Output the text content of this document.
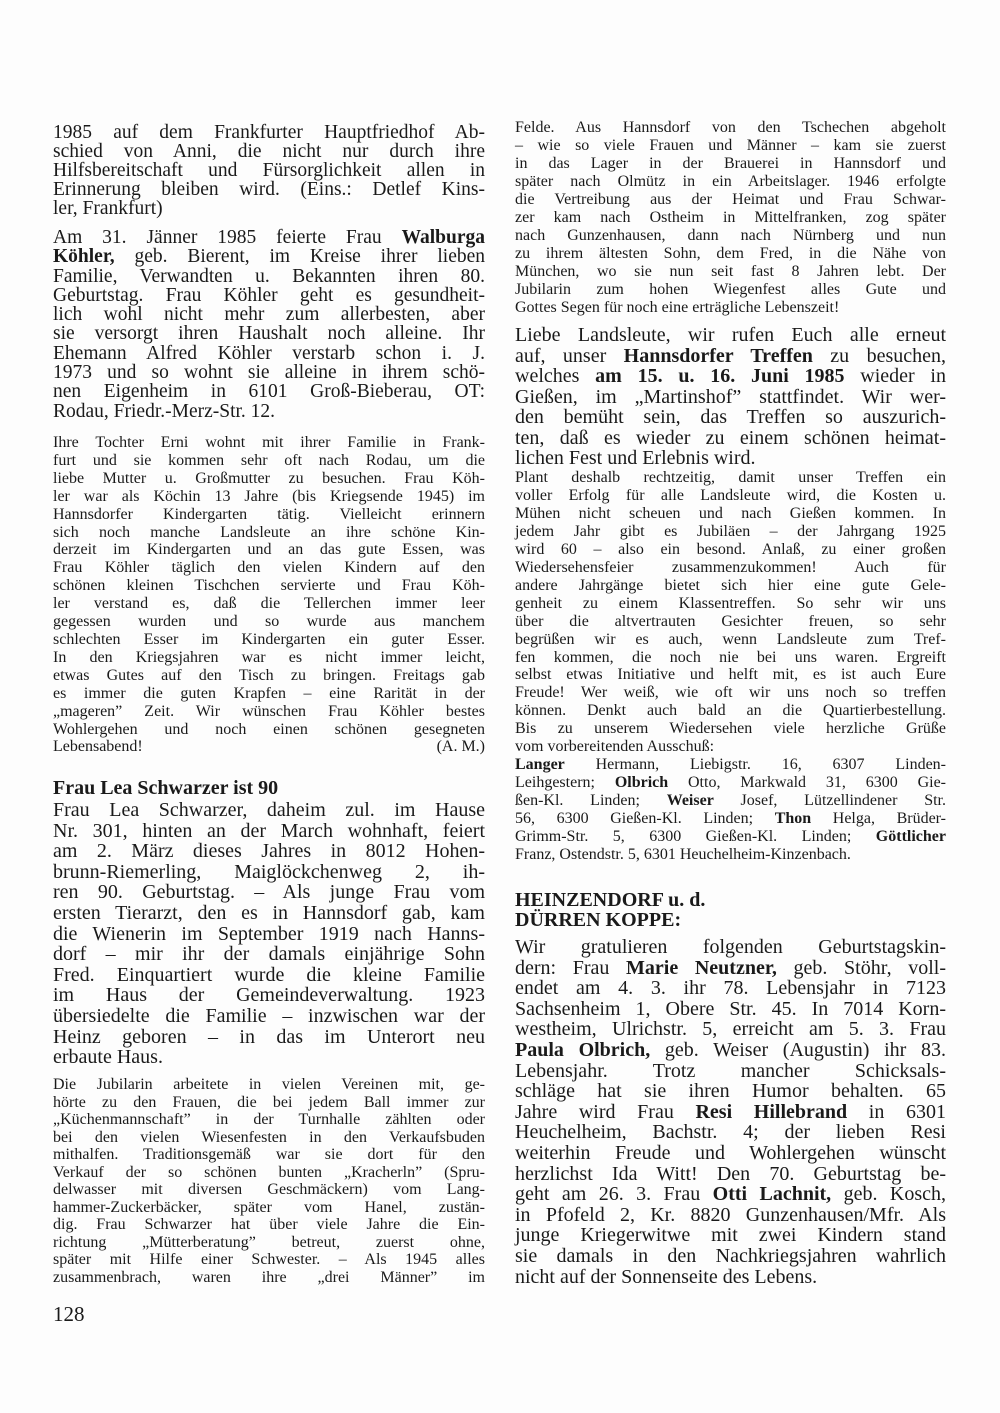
1985 auf dem Frankfurter Hauptfriedhof Ab-
schied von Anni, die nicht nur durch ihre
Hilfsbereitschaft und Fürsorglichkeit allen in
Erinnerung bleiben wird. (Eins.: Detlef Kins-
ler, Frankfurt)
Am 31. Jänner 1985 feierte Frau Walburga
Köhler, geb. Bierent, im Kreise ihrer lieben
Familie, Verwandten u. Bekannten ihren 80.
Geburtstag. Frau Köhler geht es gesundheit-
lich wohl nicht mehr zum allerbesten, aber
sie versorgt ihren Haushalt noch alleine. Ihr
Ehemann Alfred Köhler verstarb schon i. J.
1973 und so wohnt sie alleine in ihrem schö-
nen Eigenheim in 6101 Groß-Bieberau, OT:
Rodau, Friedr.-Merz-Str. 12.
Ihre Tochter Erni wohnt mit ihrer Familie in Frank-
furt und sie kommen sehr oft nach Rodau, um die
liebe Mutter u. Großmutter zu besuchen. Frau Köh-
ler war als Köchin 13 Jahre (bis Kriegsende 1945) im
Hannsdorfer Kindergarten tätig. Vielleicht erinnern
sich noch manche Landsleute an ihre schöne Kin-
derzeit im Kindergarten und an das gute Essen, was
Frau Köhler täglich den vielen Kindern auf den
schönen kleinen Tischchen servierte und Frau Köh-
ler verstand es, daß die Tellerchen immer leer
gegessen wurden und so wurde aus manchem
schlechten Esser im Kindergarten ein guter Esser.
In den Kriegsjahren war es nicht immer leicht,
etwas Gutes auf den Tisch zu bringen. Freitags gab
es immer die guten Krapfen – eine Rarität in der
„mageren” Zeit. Wir wünschen Frau Köhler bestes
Wohlergehen und noch einen schönen gesegneten
Lebensabend!	(A. M.)
Frau Lea Schwarzer ist 90
Frau Lea Schwarzer, daheim zul. im Hause
Nr. 301, hinten an der March wohnhaft, feiert
am 2. März dieses Jahres in 8012 Hohen-
brunn-Riemerling, Maiglöckchenweg 2, ih-
ren 90. Geburtstag. – Als junge Frau vom
ersten Tierarzt, den es in Hannsdorf gab, kam
die Wienerin im September 1919 nach Hanns-
dorf – mir ihr der damals einjährige Sohn
Fred. Einquartiert wurde die kleine Familie
im Haus der Gemeindeverwaltung. 1923
übersiedelte die Familie – inzwischen war der
Heinz geboren – in das im Unterort neu
erbaute Haus.
Die Jubilarin arbeitete in vielen Vereinen mit, ge-
hörte zu den Frauen, die bei jedem Ball immer zur
„Küchenmannschaft” in der Turnhalle zählten oder
bei den vielen Wiesenfesten in den Verkaufsbuden
mithalfen. Traditionsgemäß war sie dort für den
Verkauf der so schönen bunten „Kracherln” (Spru-
delwasser mit diversen Geschmäckern) vom Lang-
hammer-Zuckerbäcker, später vom Hanel, zustän-
dig. Frau Schwarzer hat über viele Jahre die Ein-
richtung „Mütterberatung” betreut, zuerst ohne,
später mit Hilfe einer Schwester. – Als 1945 alles
zusammenbrach, waren ihre „drei Männer” im
Felde. Aus Hannsdorf von den Tschechen abgeholt
– wie so viele Frauen und Männer – kam sie zuerst
in das Lager in der Brauerei in Hannsdorf und
später nach Olmütz in ein Arbeitslager. 1946 erfolgte
die Vertreibung aus der Heimat und Frau Schwar-
zer kam nach Ostheim in Mittelfranken, zog später
nach Gunzenhausen, dann nach Nürnberg und nun
zu ihrem ältesten Sohn, dem Fred, in die Nähe von
München, wo sie nun seit fast 8 Jahren lebt. Der
Jubilarin zum hohen Wiegenfest alles Gute und
Gottes Segen für noch eine erträgliche Lebenszeit!
Liebe Landsleute, wir rufen Euch alle erneut
auf, unser Hannsdorfer Treffen zu besuchen,
welches am 15. u. 16. Juni 1985 wieder in
Gießen, im „Martinshof” stattfindet. Wir wer-
den bemüht sein, das Treffen so auszurich-
ten, daß es wieder zu einem schönen heimat-
lichen Fest und Erlebnis wird.
Plant deshalb rechtzeitig, damit unser Treffen ein
voller Erfolg für alle Landsleute wird, die Kosten u.
Mühen nicht scheuen und nach Gießen kommen. In
jedem Jahr gibt es Jubiläen – der Jahrgang 1925
wird 60 – also ein besond. Anlaß, zu einer großen
Wiedersehensfeier zusammenzukommen! Auch für
andere Jahrgänge bietet sich hier eine gute Gele-
genheit zu einem Klassentreffen. So sehr wir uns
über die altvertrauten Gesichter freuen, so sehr
begrüßen wir es auch, wenn Landsleute zum Tref-
fen kommen, die noch nie bei uns waren. Ergreift
selbst etwas Initiative und helft mit, es ist auch Eure
Freude! Wer weiß, wie oft wir uns noch so treffen
können. Denkt auch bald an die Quartierbestellung.
Bis zu unserem Wiedersehen viele herzliche Grüße
vom vorbereitenden Ausschuß:
Langer Hermann, Liebigstr. 16, 6307 Linden-
Leihgestern; Olbrich Otto, Markwald 31, 6300 Gie-
ßen-Kl. Linden; Weiser Josef, Lützellindener Str.
56, 6300 Gießen-Kl. Linden; Thon Helga, Brüder-
Grimm-Str. 5, 6300 Gießen-Kl. Linden; Göttlicher
Franz, Ostendstr. 5, 6301 Heuchelheim-Kinzenbach.
HEINZENDORF u. d.
DÜRREN KOPPE:
Wir gratulieren folgenden Geburtstagskin-
dern: Frau Marie Neutzner, geb. Stöhr, voll-
endet am 4. 3. ihr 78. Lebensjahr in 7123
Sachsenheim 1, Obere Str. 45. In 7014 Korn-
westheim, Ulrichstr. 5, erreicht am 5. 3. Frau
Paula Olbrich, geb. Weiser (Augustin) ihr 83.
Lebensjahr. Trotz mancher Schicksals-
schläge hat sie ihren Humor behalten. 65
Jahre wird Frau Resi Hillebrand in 6301
Heuchelheim, Bachstr. 4; der lieben Resi
weiterhin Freude und Wohlergehen wünscht
herzlichst Ida Witt! Den 70. Geburtstag be-
geht am 26. 3. Frau Otti Lachnit, geb. Kosch,
in Pfofeld 2, Kr. 8820 Gunzenhausen/Mfr. Als
junge Kriegerwitwe mit zwei Kindern stand
sie damals in den Nachkriegsjahren wahrlich
nicht auf der Sonnenseite des Lebens.
128
